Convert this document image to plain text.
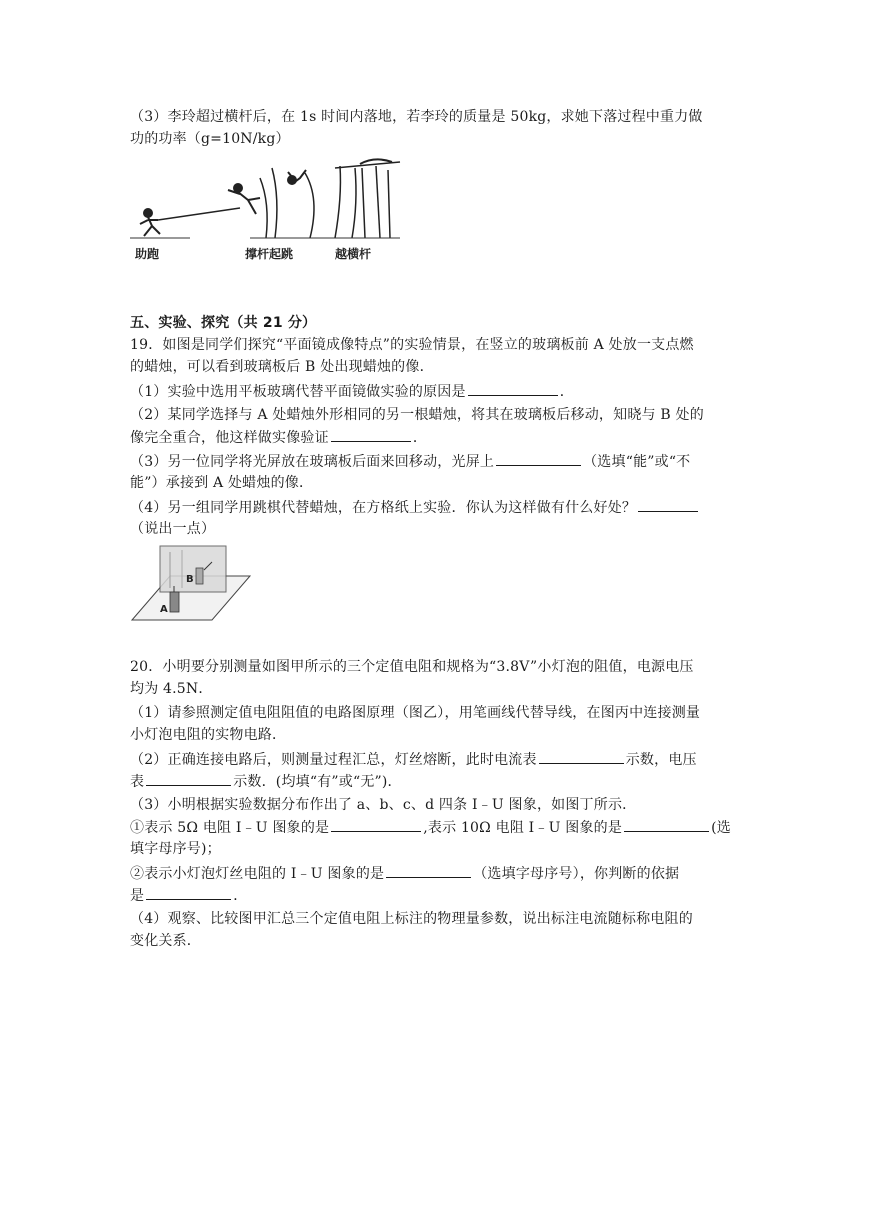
（3）李玲超过横杆后，在 1s 时间内落地，若李玲的质量是 50kg，求她下落过程中重力做
功的功率（g=10N/kg）
助跑	撑杆起跳	越横杆
五、实验、探究（共 21 分）
19．如图是同学们探究“平面镜成像特点”的实验情景，在竖立的玻璃板前 A 处放一支点燃
的蜡烛，可以看到玻璃板后 B 处出现蜡烛的像．
（1）实验中选用平板玻璃代替平面镜做实验的原因是	．
（2）某同学选择与 A 处蜡烛外形相同的另一根蜡烛，将其在玻璃板后移动，知晓与 B 处的
像完全重合，他这样做实像验证	．
（3）另一位同学将光屏放在玻璃板后面来回移动，光屏上	（选填“能”或“不
能”）承接到 A 处蜡烛的像．
（4）另一组同学用跳棋代替蜡烛，在方格纸上实验．你认为这样做有什么好处？
（说出一点）
A
B
20．小明要分别测量如图甲所示的三个定值电阻和规格为“3.8V”小灯泡的阻值，电源电压
均为 4.5N．
（1）请参照测定值电阻阻值的电路图原理（图乙），用笔画线代替导线，在图丙中连接测量
小灯泡电阻的实物电路．
（2）正确连接电路后，则测量过程汇总，灯丝熔断，此时电流表	示数，电压
表	示数．(均填“有”或“无”)．
（3）小明根据实验数据分布作出了 a、b、c、d 四条 I﹣U 图象，如图丁所示．
①表示 5Ω 电阻 I﹣U 图象的是	,表示 10Ω 电阻 I﹣U 图象的是	(选
填字母序号)；
②表示小灯泡灯丝电阻的 I﹣U 图象的是	（选填字母序号），你判断的依据
是	．
（4）观察、比较图甲汇总三个定值电阻上标注的物理量参数，说出标注电流随标称电阻的
变化关系．
